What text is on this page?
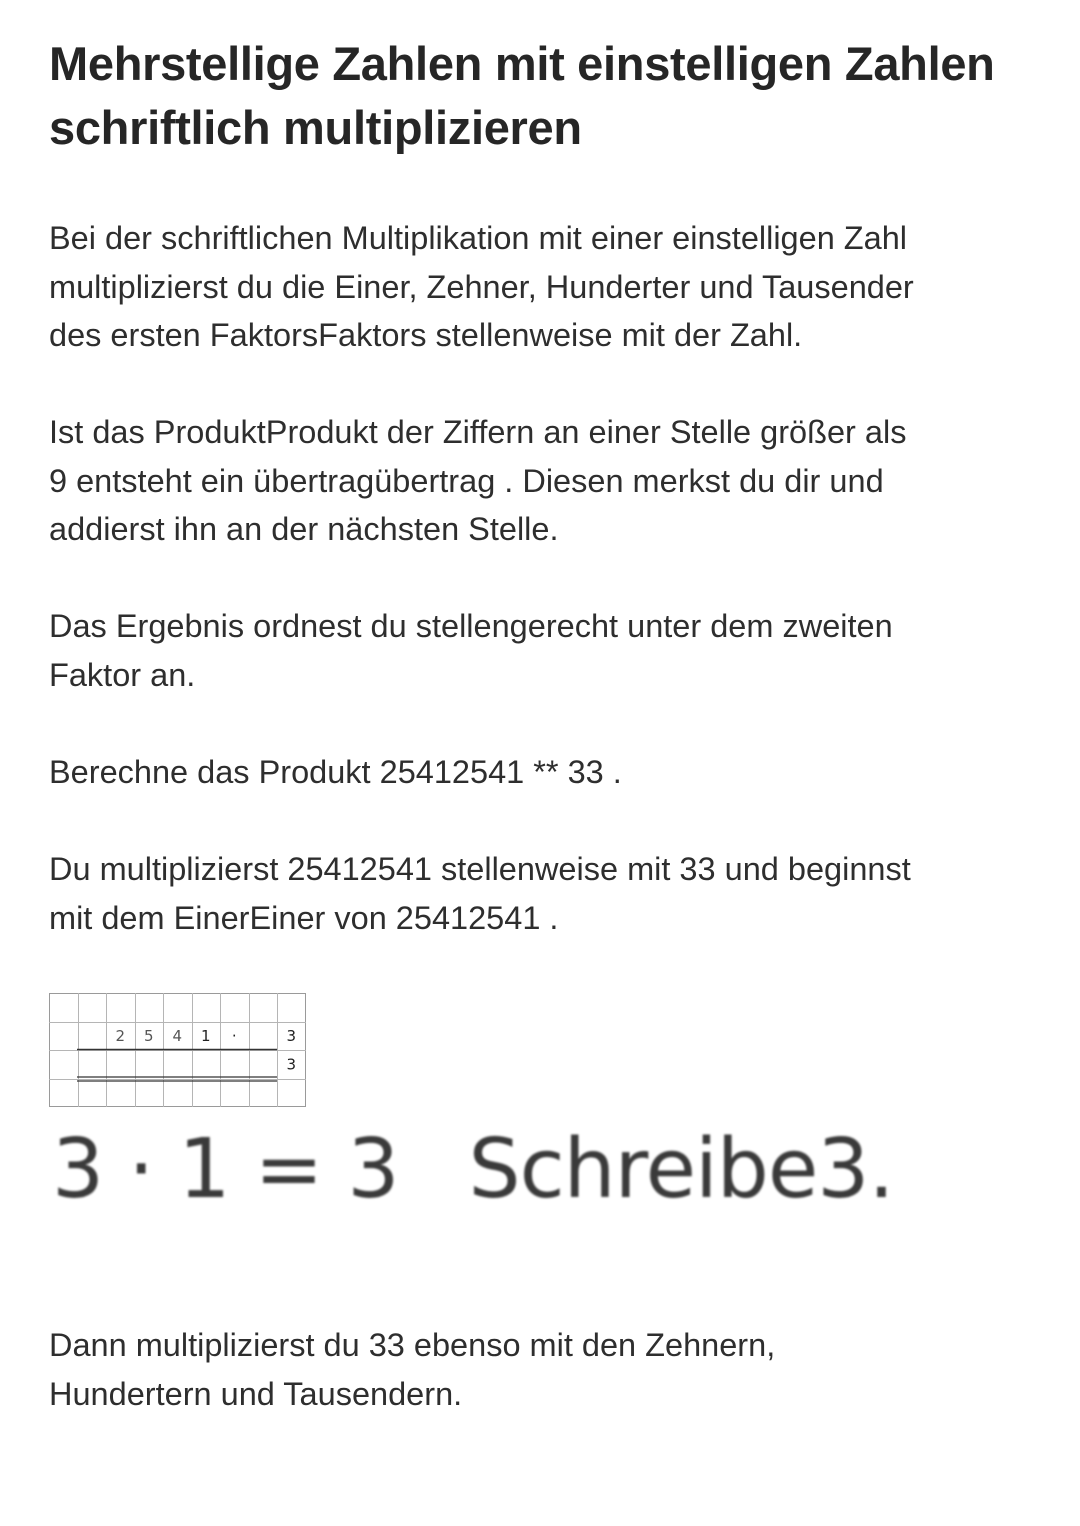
Mehrstellige Zahlen mit einstelligen Zahlen schriftlich multiplizieren

Bei der schriftlichen Multiplikation mit einer einstelligen Zahl
multiplizierst du die Einer, Zehner, Hunderter und Tausender
des ersten FaktorsFaktors stellenweise mit der Zahl.

Ist das ProduktProdukt der Ziffern an einer Stelle größer als
9 entsteht ein übertragübertrag . Diesen merkst du dir und
addierst ihn an der nächsten Stelle.

Das Ergebnis ordnest du stellengerecht unter dem zweiten
Faktor an.

Berechne das Produkt 25412541 ** 33 .

Du multiplizierst 25412541 stellenweise mit 33 und beginnst
mit dem EinerEiner von 25412541 .

2 5 4 1 ·	3
3
3 · 1 = 3 Schreibe3.

Dann multiplizierst du 33 ebenso mit den Zehnern,
Hundertern und Tausendern.
